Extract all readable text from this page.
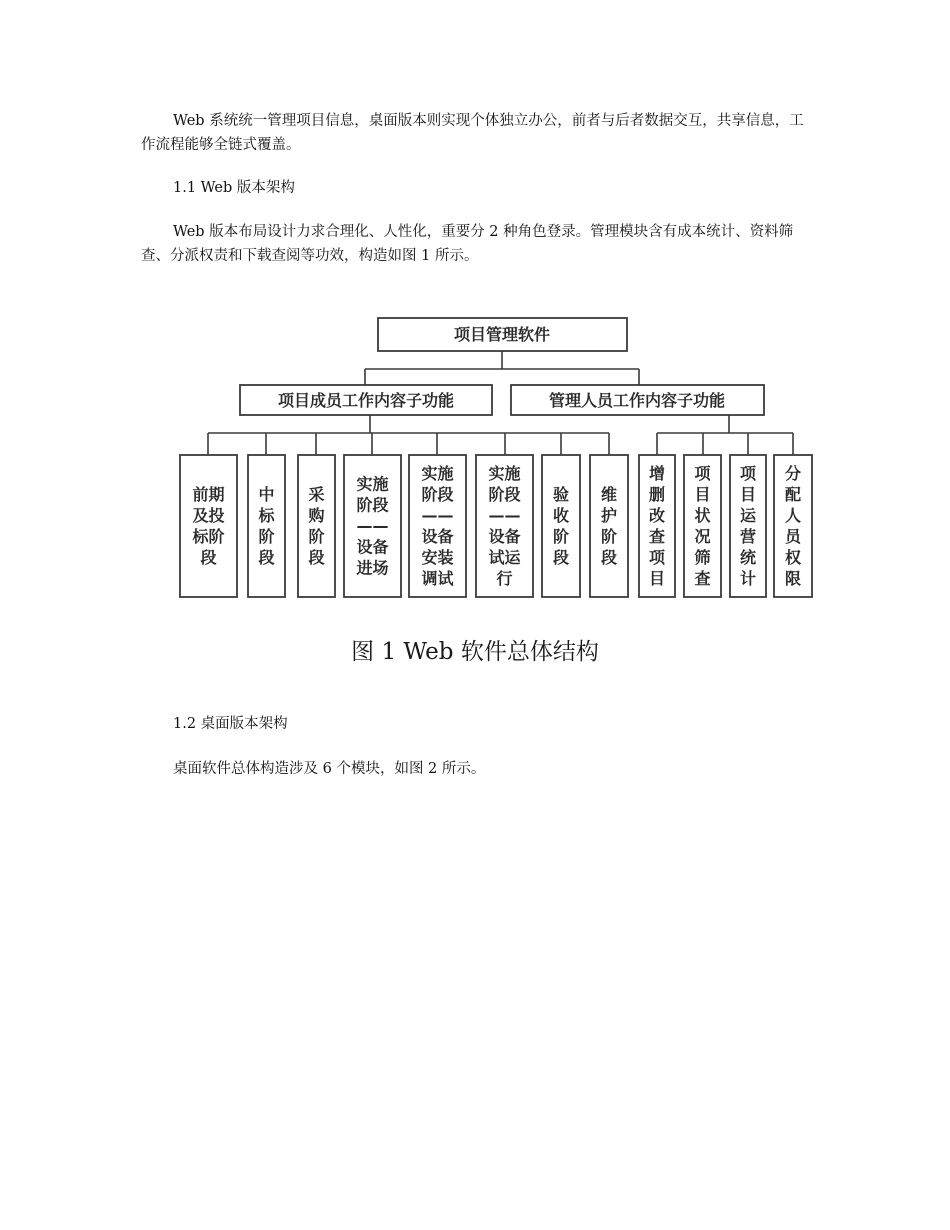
Web 系统统一管理项目信息，桌面版本则实现个体独立办公，前者与后者数据交互，共享信息，工作流程能够全链式覆盖。

1.1 Web 版本架构

Web 版本布局设计力求合理化、人性化，重要分 2 种角色登录。管理模块含有成本统计、资料筛查、分派权责和下载查阅等功效，构造如图 1 所示。

项目管理软件
项目成员工作内容子功能	管理人员工作内容子功能
前期
及投
标阶
段
中
标
阶
段
采
购
阶
段
实施
阶段
——
设备
进场
实施
阶段
——
设备
安装
调试
实施
阶段
——
设备
试运
行
验
收
阶
段
维
护
阶
段
增
删
改
查
项
目
项
目
状
况
筛
查
项
目
运
营
统
计
分
配
人
员
权
限

图 1 Web 软件总体结构

1.2 桌面版本架构

桌面软件总体构造涉及 6 个模块，如图 2 所示。
